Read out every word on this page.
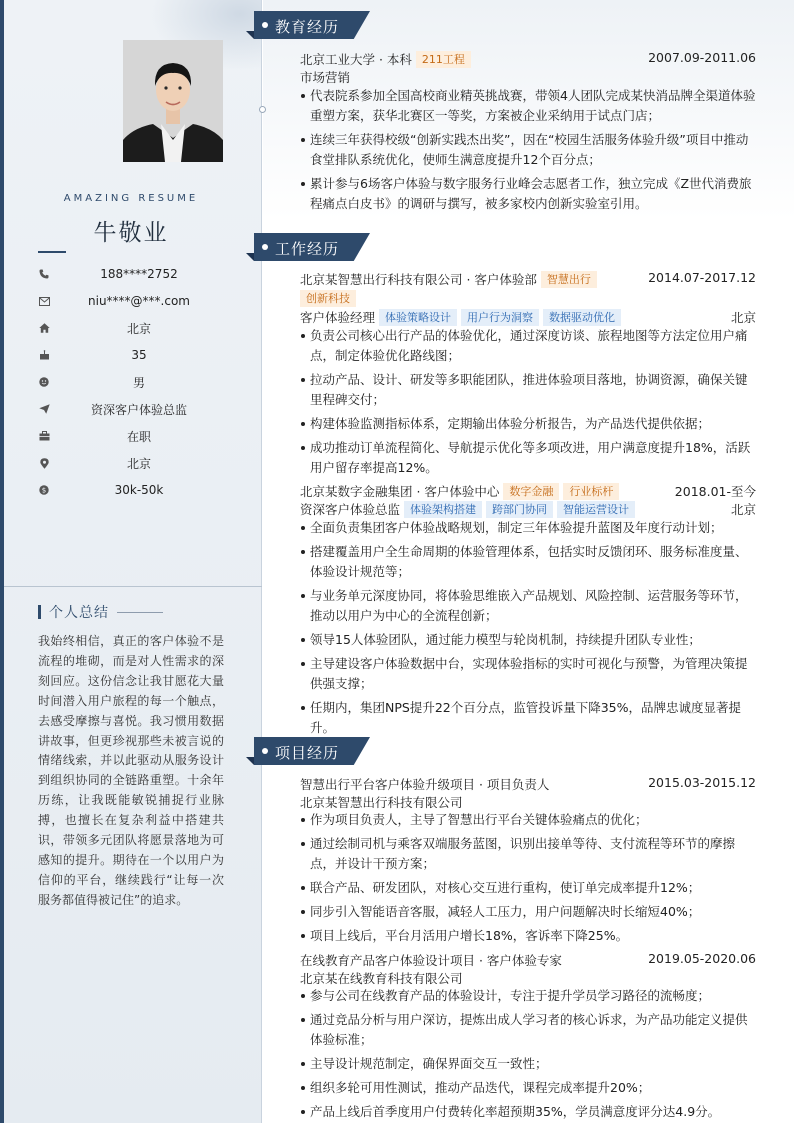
AMAZING RESUME
牛敬业
188****2752
niu****@***.com
北京
35
男
资深客户体验总监
在职
北京
$	30k-50k
个人总结
我始终相信，真正的客户体验不是流程的堆砌，而是对人性需求的深刻回应。这份信念让我甘愿花大量时间潜入用户旅程的每一个触点，去感受摩擦与喜悦。我习惯用数据讲故事，但更珍视那些未被言说的情绪线索，并以此驱动从服务设计到组织协同的全链路重塑。十余年历练，让我既能敏锐捕捉行业脉搏，也擅长在复杂利益中搭建共识，带领多元团队将愿景落地为可感知的提升。期待在一个以用户为信仰的平台，继续践行“让每一次服务都值得被记住”的追求。
教育经历
北京工业大学 · 本科 211工程	2007.09-2011.06
市场营销
代表院系参加全国高校商业精英挑战赛，带领4人团队完成某快消品牌全渠道体验重塑方案，获华北赛区一等奖，方案被企业采纳用于试点门店；
连续三年获得校级“创新实践杰出奖”，因在“校园生活服务体验升级”项目中推动食堂排队系统优化，使师生满意度提升12个百分点；
累计参与6场客户体验与数字服务行业峰会志愿者工作，独立完成《Z世代消费旅程痛点白皮书》的调研与撰写，被多家校内创新实验室引用。
工作经历
北京某智慧出行科技有限公司 · 客户体验部 智慧出行	2014.07-2017.12
创新科技
客户体验经理 体验策略设计 用户行为洞察 数据驱动优化	北京
负责公司核心出行产品的体验优化，通过深度访谈、旅程地图等方法定位用户痛点，制定体验优化路线图；
拉动产品、设计、研发等多职能团队，推进体验项目落地，协调资源，确保关键里程碑交付；
构建体验监测指标体系，定期输出体验分析报告，为产品迭代提供依据；
成功推动订单流程简化、导航提示优化等多项改进，用户满意度提升18%，活跃用户留存率提高12%。
北京某数字金融集团 · 客户体验中心 数字金融 行业标杆	2018.01-至今
资深客户体验总监 体验架构搭建 跨部门协同 智能运营设计	北京
全面负责集团客户体验战略规划，制定三年体验提升蓝图及年度行动计划；
搭建覆盖用户全生命周期的体验管理体系，包括实时反馈闭环、服务标准度量、体验设计规范等；
与业务单元深度协同，将体验思维嵌入产品规划、风险控制、运营服务等环节，推动以用户为中心的全流程创新；
领导15人体验团队，通过能力模型与轮岗机制，持续提升团队专业性；
主导建设客户体验数据中台，实现体验指标的实时可视化与预警，为管理决策提供强支撑；
任期内，集团NPS提升22个百分点，监管投诉量下降35%，品牌忠诚度显著提升。
项目经历
智慧出行平台客户体验升级项目 · 项目负责人	2015.03-2015.12
北京某智慧出行科技有限公司
作为项目负责人，主导了智慧出行平台关键体验痛点的优化；
通过绘制司机与乘客双端服务蓝图，识别出接单等待、支付流程等环节的摩擦点，并设计干预方案；
联合产品、研发团队，对核心交互进行重构，使订单完成率提升12%；
同步引入智能语音客服，减轻人工压力，用户问题解决时长缩短40%；
项目上线后，平台月活用户增长18%，客诉率下降25%。
在线教育产品客户体验设计项目 · 客户体验专家	2019.05-2020.06
北京某在线教育科技有限公司
参与公司在线教育产品的体验设计，专注于提升学员学习路径的流畅度；
通过竞品分析与用户深访，提炼出成人学习者的核心诉求，为产品功能定义提供体验标准；
主导设计规范制定，确保界面交互一致性；
组织多轮可用性测试，推动产品迭代，课程完成率提升20%；
产品上线后首季度用户付费转化率超预期35%，学员满意度评分达4.9分。
